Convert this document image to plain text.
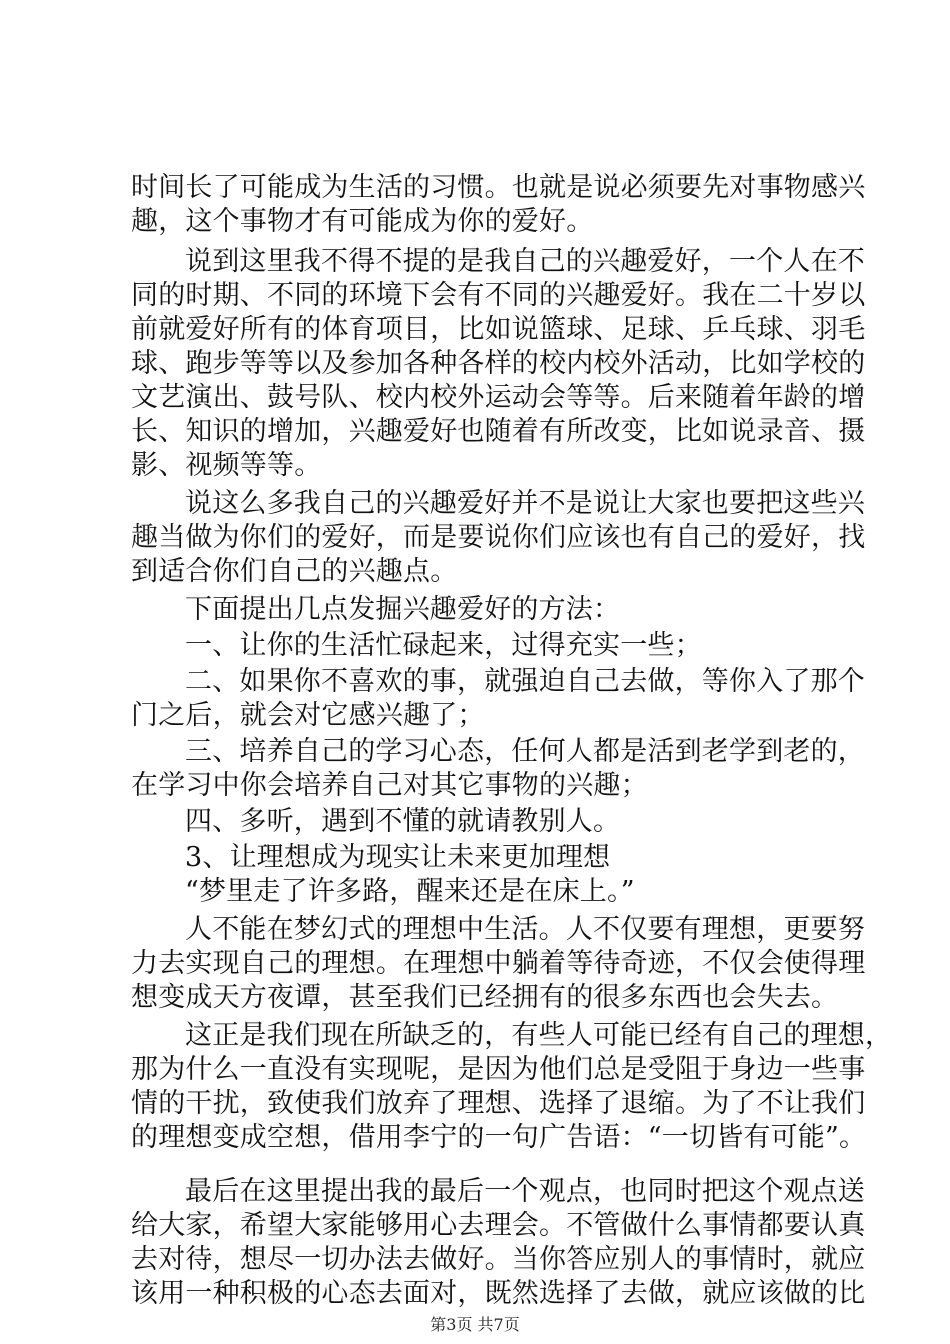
时间长了可能成为生活的习惯。也就是说必须要先对事物感兴
趣，这个事物才有可能成为你的爱好。
说到这里我不得不提的是我自己的兴趣爱好，一个人在不
同的时期、不同的环境下会有不同的兴趣爱好。我在二十岁以
前就爱好所有的体育项目，比如说篮球、足球、乒乓球、羽毛
球、跑步等等以及参加各种各样的校内校外活动，比如学校的
文艺演出、鼓号队、校内校外运动会等等。后来随着年龄的增
长、知识的增加，兴趣爱好也随着有所改变，比如说录音、摄
影、视频等等。
说这么多我自己的兴趣爱好并不是说让大家也要把这些兴
趣当做为你们的爱好，而是要说你们应该也有自己的爱好，找
到适合你们自己的兴趣点。
下面提出几点发掘兴趣爱好的方法：
一、让你的生活忙碌起来，过得充实一些；
二、如果你不喜欢的事，就强迫自己去做，等你入了那个
门之后，就会对它感兴趣了；
三、培养自己的学习心态，任何人都是活到老学到老的，
在学习中你会培养自己对其它事物的兴趣；
四、多听，遇到不懂的就请教别人。
3、让理想成为现实让未来更加理想
“梦里走了许多路，醒来还是在床上。”
人不能在梦幻式的理想中生活。人不仅要有理想，更要努
力去实现自己的理想。在理想中躺着等待奇迹，不仅会使得理
想变成天方夜谭，甚至我们已经拥有的很多东西也会失去。
这正是我们现在所缺乏的，有些人可能已经有自己的理想，
那为什么一直没有实现呢，是因为他们总是受阻于身边一些事
情的干扰，致使我们放弃了理想、选择了退缩。为了不让我们
的理想变成空想，借用李宁的一句广告语：“一切皆有可能”。
最后在这里提出我的最后一个观点，也同时把这个观点送
给大家，希望大家能够用心去理会。不管做什么事情都要认真
去对待，想尽一切办法去做好。当你答应别人的事情时，就应
该用一种积极的心态去面对，既然选择了去做，就应该做的比
第3页 共7页
